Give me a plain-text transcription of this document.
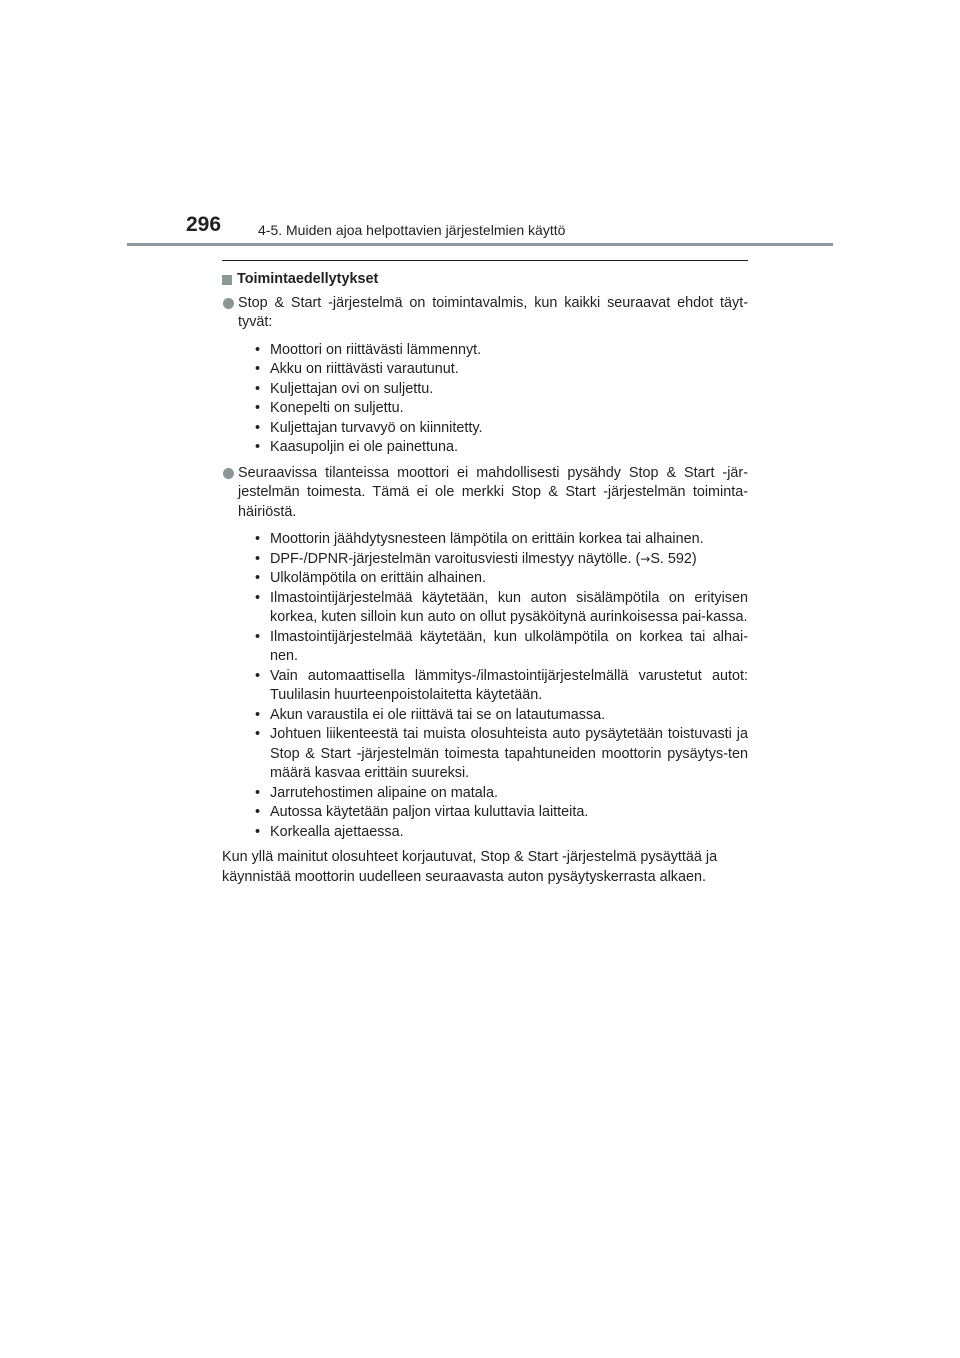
296	4-5. Muiden ajoa helpottavien järjestelmien käyttö
Toimintaedellytykset
Stop & Start -järjestelmä on toimintavalmis, kun kaikki seuraavat ehdot täyt-tyvät:
• Moottori on riittävästi lämmennyt.
• Akku on riittävästi varautunut.
• Kuljettajan ovi on suljettu.
• Konepelti on suljettu.
• Kuljettajan turvavyö on kiinnitetty.
• Kaasupoljin ei ole painettuna.
Seuraavissa tilanteissa moottori ei mahdollisesti pysähdy Stop & Start -jär-jestelmän toimesta. Tämä ei ole merkki Stop & Start -järjestelmän toiminta-häiriöstä.
• Moottorin jäähdytysnesteen lämpötila on erittäin korkea tai alhainen.
• DPF-/DPNR-järjestelmän varoitusviesti ilmestyy näytölle. (→S. 592)
• Ulkolämpötila on erittäin alhainen.
• Ilmastointijärjestelmää käytetään, kun auton sisälämpötila on erityisen korkea, kuten silloin kun auto on ollut pysäköitynä aurinkoisessa pai-kassa.
• Ilmastointijärjestelmää käytetään, kun ulkolämpötila on korkea tai alhai-nen.
• Vain automaattisella lämmitys-/ilmastointijärjestelmällä varustetut autot: Tuulilasin huurteenpoistolaitetta käytetään.
• Akun varaustila ei ole riittävä tai se on latautumassa.
• Johtuen liikenteestä tai muista olosuhteista auto pysäytetään toistuvasti ja Stop & Start -järjestelmän toimesta tapahtuneiden moottorin pysäytys-ten määrä kasvaa erittäin suureksi.
• Jarrutehostimen alipaine on matala.
• Autossa käytetään paljon virtaa kuluttavia laitteita.
• Korkealla ajettaessa.
Kun yllä mainitut olosuhteet korjautuvat, Stop & Start -järjestelmä pysäyttää ja käynnistää moottorin uudelleen seuraavasta auton pysäytyskerrasta alkaen.
